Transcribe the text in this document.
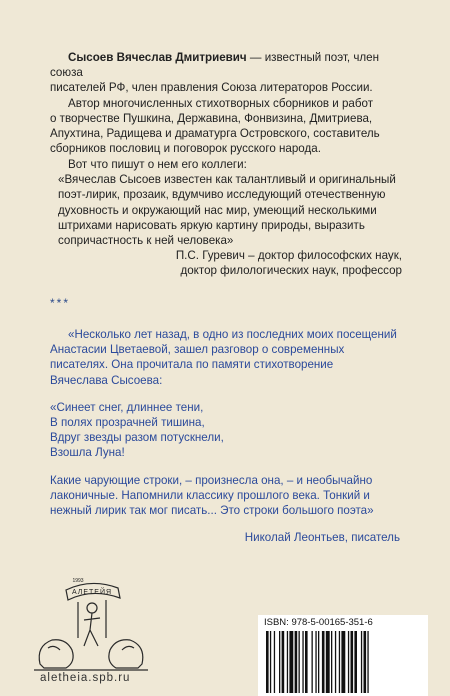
Сысоев Вячеслав Дмитриевич — известный поэт, член союза

писателей РФ, член правления Союза литераторов России.

Автор многочисленных стихотворных сборников и работ

о творчестве Пушкина, Державина, Фонвизина, Дмитриева,

Апухтина, Радищева и драматурга Островского, составитель

сборников пословиц и поговорок русского народа.

Вот что пишут о нем его коллеги:

«Вячеслав Сысоев известен как талантливый и оригинальный

поэт-лирик, прозаик, вдумчиво исследующий отечественную

духовность и окружающий нас мир, умеющий несколькими

штрихами нарисовать яркую картину природы, выразить

сопричастность к ней человека»

П.С. Гуревич – доктор философских наук,

доктор филологических наук, профессор

***

«Несколько лет назад, в одно из последних моих посещений

Анастасии Цветаевой, зашел разговор о современных

писателях. Она прочитала по памяти стихотворение

Вячеслава Сысоева:

«Синеет снег, длиннее тени,

В полях прозрачней тишина,

Вдруг звезды разом потускнели,

Взошла Луна!

Какие чарующие строки, – произнесла она, – и необычайно

лаконичные. Напомнили классику прошлого века. Тонкий и

нежный лирик так мог писать... Это строки большого поэта»

Николай Леонтьев, писатель

АЛЕТЕЙЯ
1993
aletheia.spb.ru
ISBN: 978-5-00165-351-6
